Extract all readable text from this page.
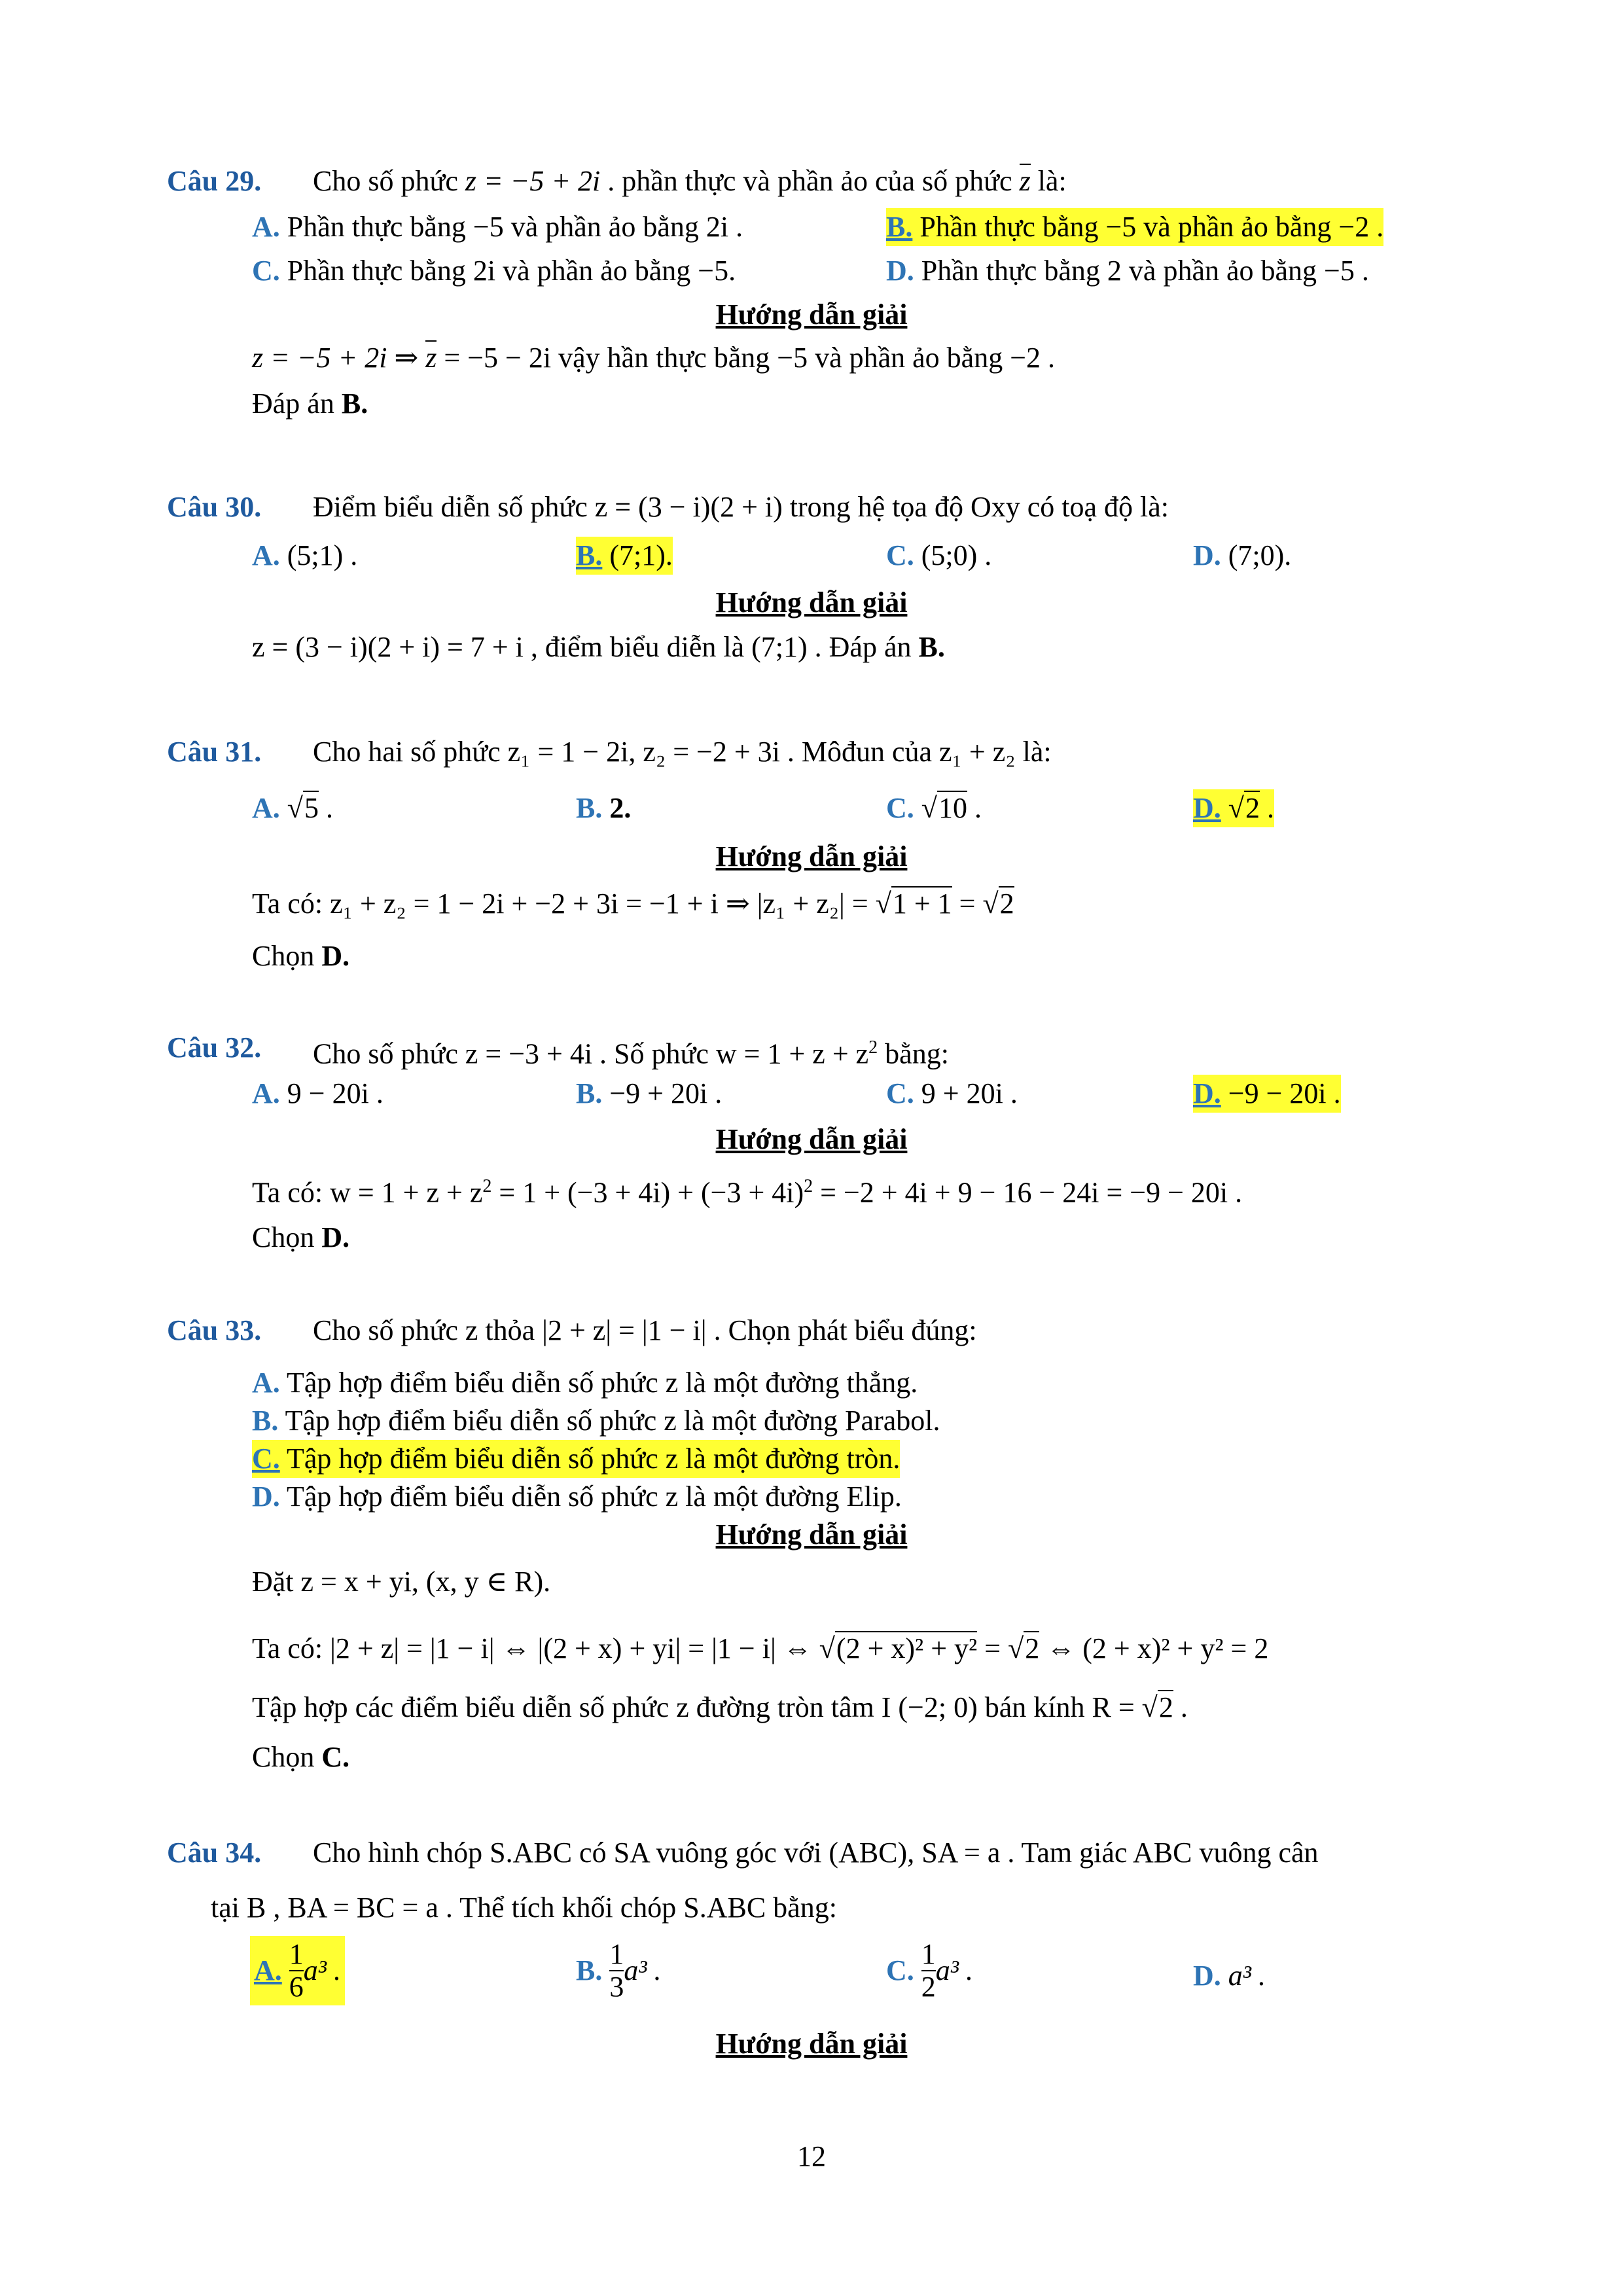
Câu 29. Cho số phức z = −5 + 2i . phần thực và phần ảo của số phức z là:
A. Phần thực bằng −5 và phần ảo bằng 2i .	B. Phần thực bằng −5 và phần ảo bằng −2 .
C. Phần thực bằng 2i và phần ảo bằng −5.	D. Phần thực bằng 2 và phần ảo bằng −5 .
Hướng dẫn giải
z = −5 + 2i ⇒ z = −5 − 2i vậy hần thực bằng −5 và phần ảo bằng −2 .
Đáp án B.
Câu 30. Điểm biểu diễn số phức z = (3 − i)(2 + i) trong hệ tọa độ Oxy có toạ độ là:
A. (5;1) .	B. (7;1).	C. (5;0) .	D. (7;0).
Hướng dẫn giải
z = (3 − i)(2 + i) = 7 + i , điểm biểu diễn là (7;1) . Đáp án B.
Câu 31. Cho hai số phức z₁ = 1 − 2i, z₂ = −2 + 3i . Môđun của z₁ + z₂ là:
A. √5 .	B. 2.	C. √10 .	D. √2 .
Hướng dẫn giải
Ta có: z₁ + z₂ = 1 − 2i + −2 + 3i = −1 + i ⇒ |z₁ + z₂| = √1 + 1 = √2
Chọn D.
Câu 32. Cho số phức z = −3 + 4i . Số phức $w = 1 + z + z^2$ bằng:
A. 9 − 20i .	B. −9 + 20i .	C. 9 + 20i .	D. −9 − 20i .
Hướng dẫn giải
Ta có: $w = 1 + z + z^2 = 1 + (-3 + 4i) + (-3 + 4i)^2 = -2 + 4i + 9 - 16 - 24i = -9 - 20i$ .
Chọn D.
Câu 33. Cho số phức z thỏa |2 + z| = |1 − i| . Chọn phát biểu đúng:
A. Tập hợp điểm biểu diễn số phức z là một đường thẳng.
B. Tập hợp điểm biểu diễn số phức z là một đường Parabol.
C. Tập hợp điểm biểu diễn số phức z là một đường tròn.
D. Tập hợp điểm biểu diễn số phức z là một đường Elip.
Hướng dẫn giải
Đặt z = x + yi, (x, y ∈ R).
Ta có: |2 + z| = |1 − i| ⇔ |(2 + x) + yi| = |1 − i| ⇔ √(2 + x)² + y² = √2 ⇔ (2 + x)² + y² = 2
Tập hợp các điểm biểu diễn số phức z đường tròn tâm I (−2; 0) bán kính R = √2 .
Chọn C.
Câu 34. Cho hình chóp S.ABC có SA vuông góc với (ABC), SA = a . Tam giác ABC vuông cân
tại B , BA = BC = a . Thể tích khối chóp S.ABC bằng:
A. $\frac{1}{6} a^3$ .	B. $\frac{1}{3} a^3$ .	C. $\frac{1}{2} a^3$ .	D. a³ .
Hướng dẫn giải
12
